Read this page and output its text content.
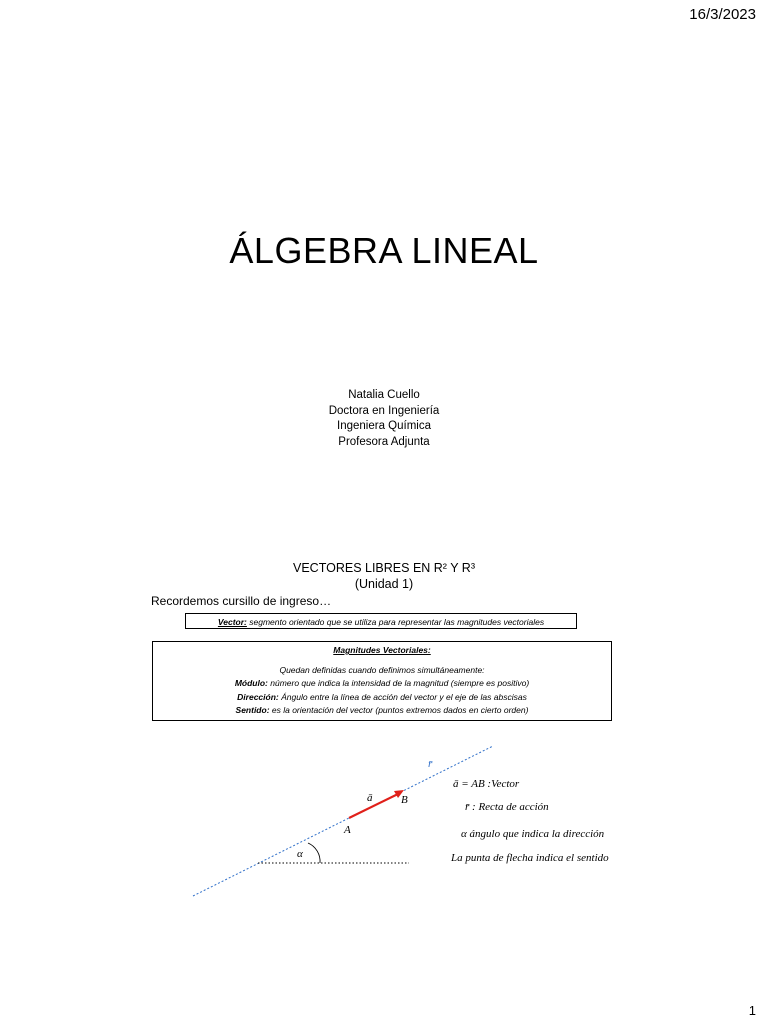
16/3/2023
ÁLGEBRA LINEAL
Natalia Cuello
Doctora en Ingeniería
Ingeniera Química
Profesora Adjunta
VECTORES LIBRES EN R² Y R³
(Unidad 1)
Recordemos cursillo de ingreso…
Vector: segmento orientado que se utiliza para representar las magnitudes vectoriales
Magnitudes Vectoriales:
Quedan definidas cuando definimos simultáneamente:
Módulo: número que indica la intensidad de la magnitud (siempre es positivo)
Dirección: Ángulo entre la línea de acción del vector y el eje de las abscisas
Sentido: es la orientación del vector (puntos extremos dados en cierto orden)
r̄
ā	B
A
α
ā = AB :Vector
r̄ : Recta de acción
α ángulo que indica la dirección
La punta de flecha indica el sentido
1
